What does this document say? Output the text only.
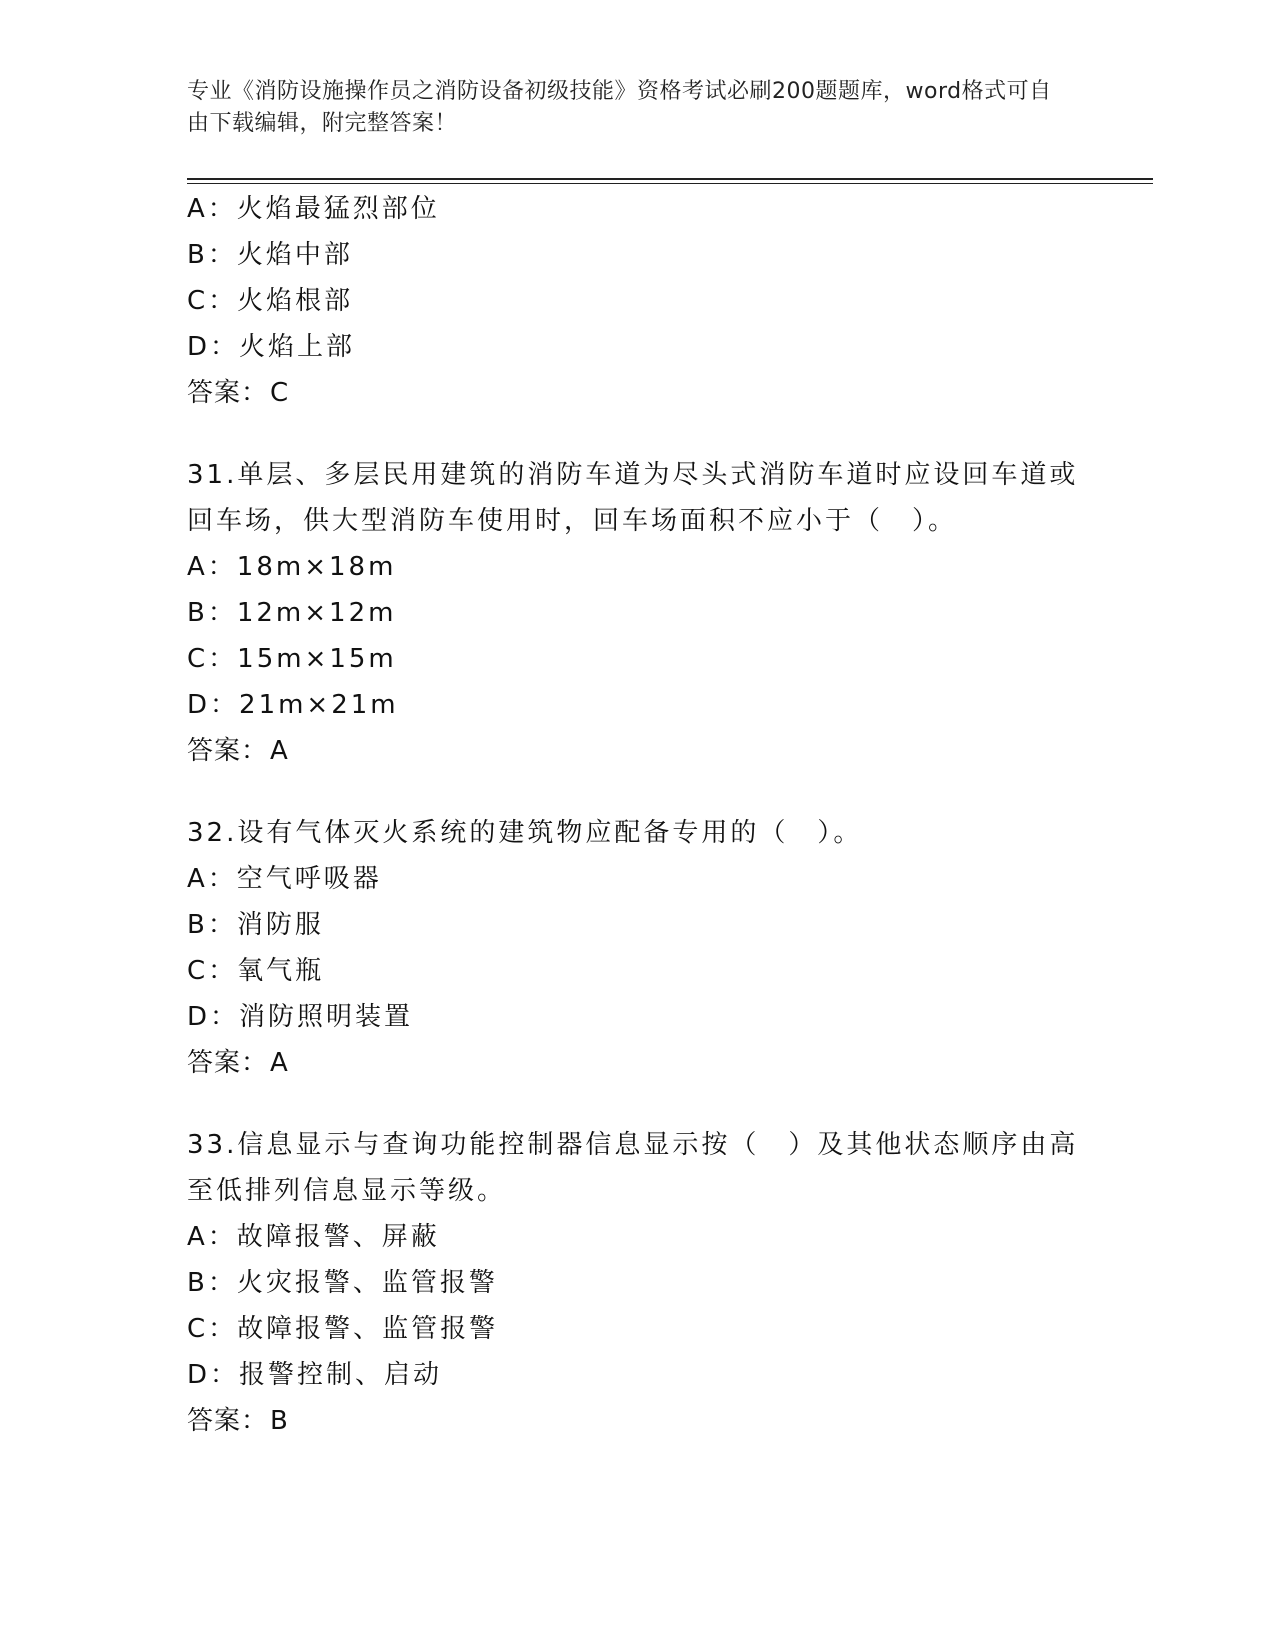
专业《消防设施操作员之消防设备初级技能》资格考试必刷200题题库，word格式可自由下载编辑，附完整答案！
A：火焰最猛烈部位
B：火焰中部
C：火焰根部
D：火焰上部
答案：C
31.单层、多层民用建筑的消防车道为尽头式消防车道时应设回车道或回车场，供大型消防车使用时，回车场面积不应小于（　）。
A：18m×18m
B：12m×12m
C：15m×15m
D：21m×21m
答案：A
32.设有气体灭火系统的建筑物应配备专用的（　）。
A：空气呼吸器
B：消防服
C：氧气瓶
D：消防照明装置
答案：A
33.信息显示与查询功能控制器信息显示按（　）及其他状态顺序由高至低排列信息显示等级。
A：故障报警、屏蔽
B：火灾报警、监管报警
C：故障报警、监管报警
D：报警控制、启动
答案：B
